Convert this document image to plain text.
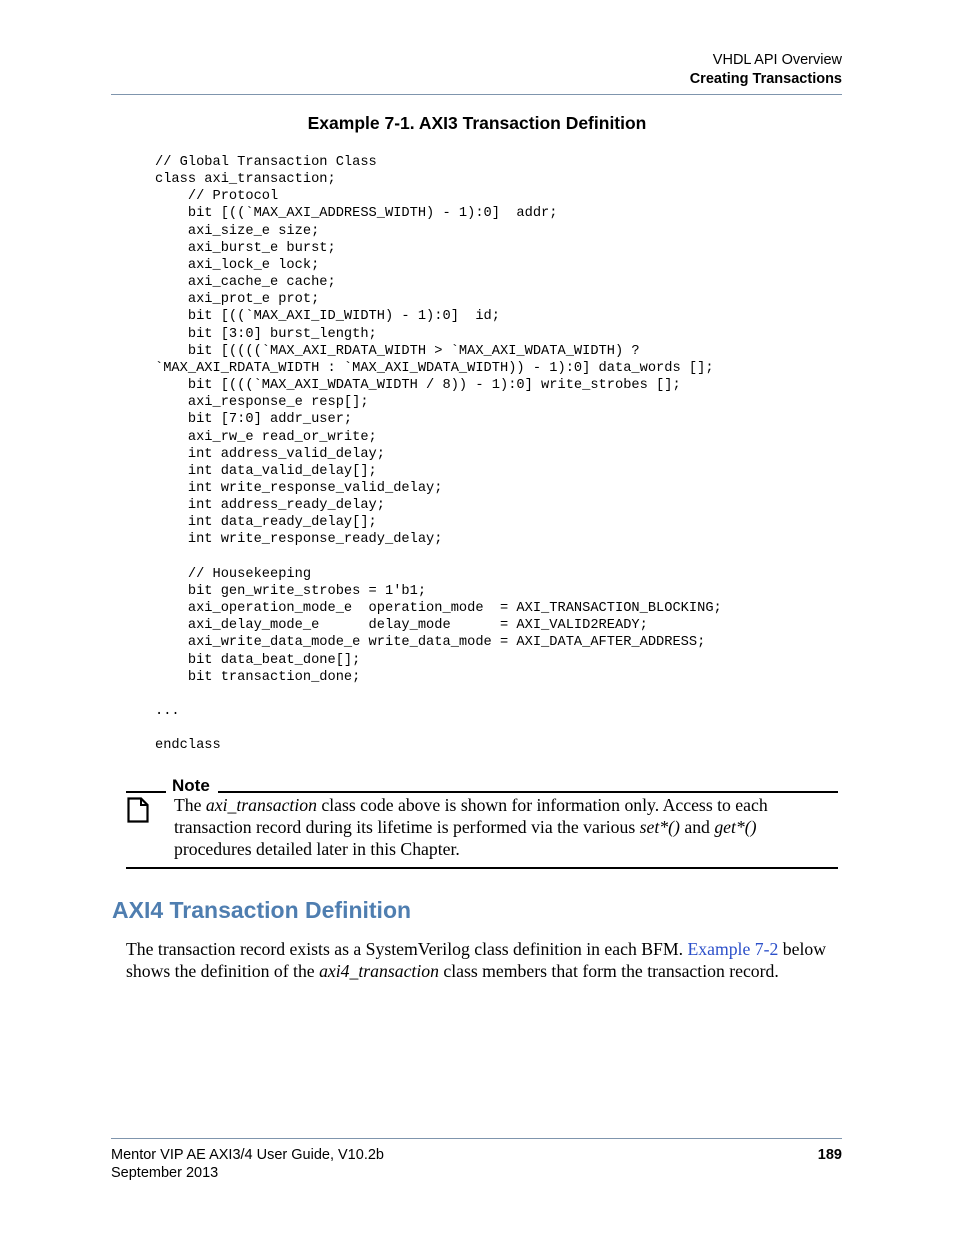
VHDL API Overview
Creating Transactions
Example 7-1. AXI3 Transaction Definition
// Global Transaction Class
class axi_transaction;
// Protocol
bit [((`MAX_AXI_ADDRESS_WIDTH) - 1):0]  addr;
axi_size_e size;
axi_burst_e burst;
axi_lock_e lock;
axi_cache_e cache;
axi_prot_e prot;
bit [((`MAX_AXI_ID_WIDTH) - 1):0]  id;
bit [3:0] burst_length;
bit [((((`MAX_AXI_RDATA_WIDTH > `MAX_AXI_WDATA_WIDTH) ?
`MAX_AXI_RDATA_WIDTH : `MAX_AXI_WDATA_WIDTH)) - 1):0] data_words [];
bit [(((`MAX_AXI_WDATA_WIDTH / 8)) - 1):0] write_strobes [];
axi_response_e resp[];
bit [7:0] addr_user;
axi_rw_e read_or_write;
int address_valid_delay;
int data_valid_delay[];
int write_response_valid_delay;
int address_ready_delay;
int data_ready_delay[];
int write_response_ready_delay;

// Housekeeping
bit gen_write_strobes = 1'b1;
axi_operation_mode_e  operation_mode  = AXI_TRANSACTION_BLOCKING;
axi_delay_mode_e      delay_mode      = AXI_VALID2READY;
axi_write_data_mode_e write_data_mode = AXI_DATA_AFTER_ADDRESS;
bit data_beat_done[];
bit transaction_done;

...

endclass
Note
The axi_transaction class code above is shown for information only. Access to each transaction record during its lifetime is performed via the various set*() and get*() procedures detailed later in this Chapter.
AXI4 Transaction Definition
The transaction record exists as a SystemVerilog class definition in each BFM. Example 7-2 below shows the definition of the axi4_transaction class members that form the transaction record.
Mentor VIP AE AXI3/4 User Guide, V10.2b
September 2013
189
